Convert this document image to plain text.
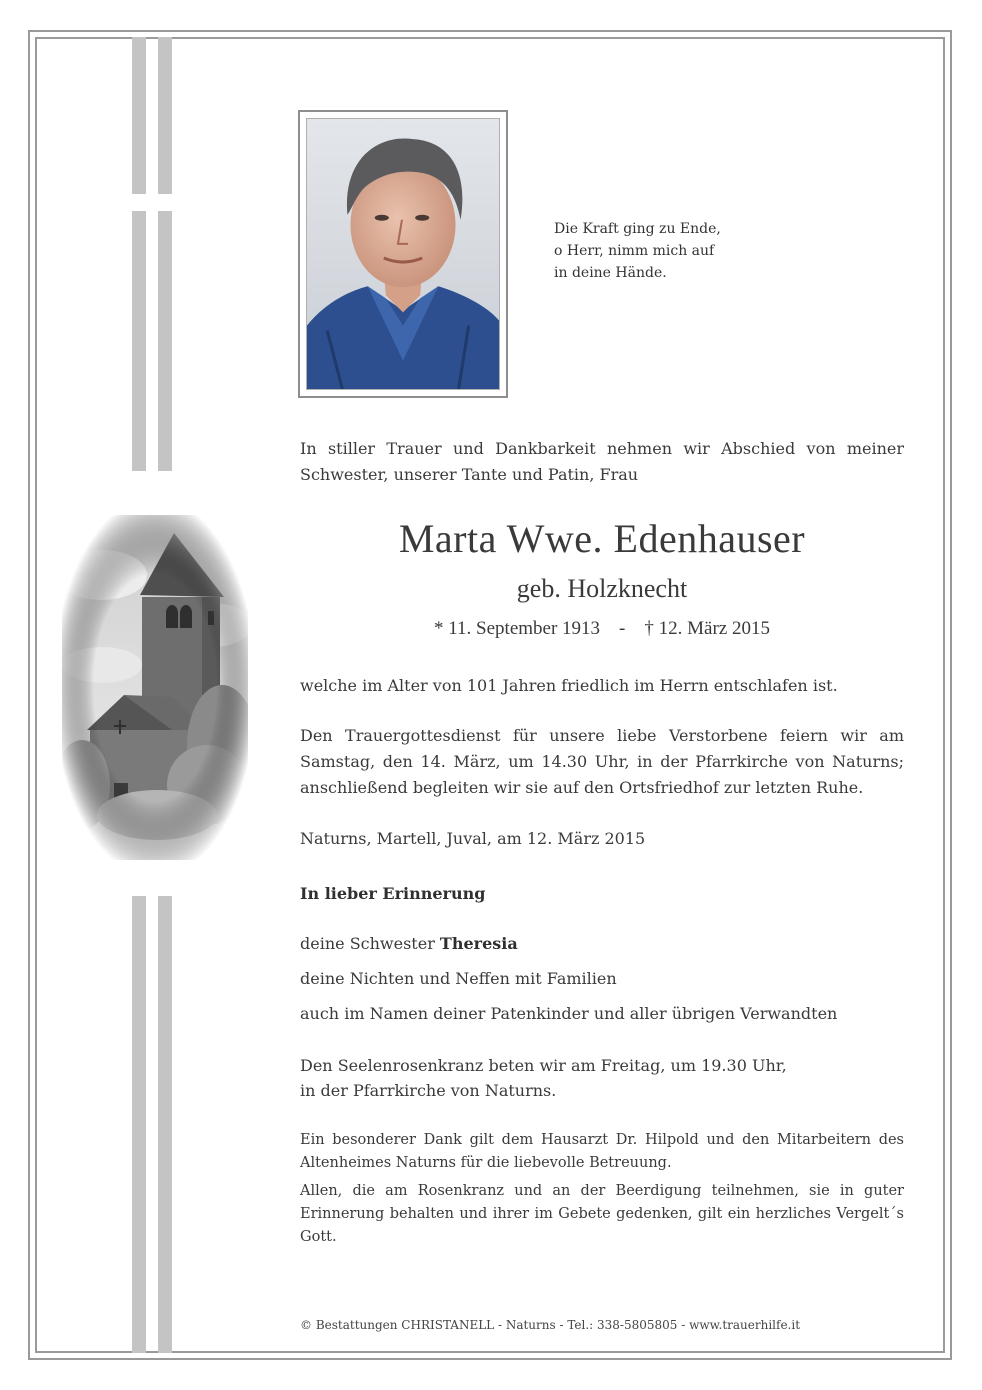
Die Kraft ging zu Ende,
o Herr, nimm mich auf
in deine Hände.
In stiller Trauer und Dankbarkeit nehmen wir Abschied von meiner Schwester, unserer Tante und Patin, Frau
Marta Wwe. Edenhauser
geb. Holzknecht
* 11. September 1913    -    † 12. März 2015
welche im Alter von 101 Jahren friedlich im Herrn entschlafen ist.
Den Trauergottesdienst für unsere liebe Verstorbene feiern wir am Samstag, den 14. März, um 14.30 Uhr, in der Pfarrkirche von Naturns; anschließend begleiten wir sie auf den Ortsfriedhof zur letzten Ruhe.
Naturns, Martell, Juval, am 12. März 2015
In lieber Erinnerung
deine Schwester Theresia
deine Nichten und Neffen mit Familien
auch im Namen deiner Patenkinder und aller übrigen Verwandten
Den Seelenrosenkranz beten wir am Freitag, um 19.30 Uhr,
in der Pfarrkirche von Naturns.
Ein besonderer Dank gilt dem Hausarzt Dr. Hilpold und den Mitarbeitern des Altenheimes Naturns für die liebevolle Betreuung.
Allen, die am Rosenkranz und an der Beerdigung teilnehmen, sie in guter Erinnerung behalten und ihrer im Gebete gedenken, gilt ein herzliches Vergelt´s Gott.
© Bestattungen CHRISTANELL - Naturns - Tel.: 338-5805805 - www.trauerhilfe.it
